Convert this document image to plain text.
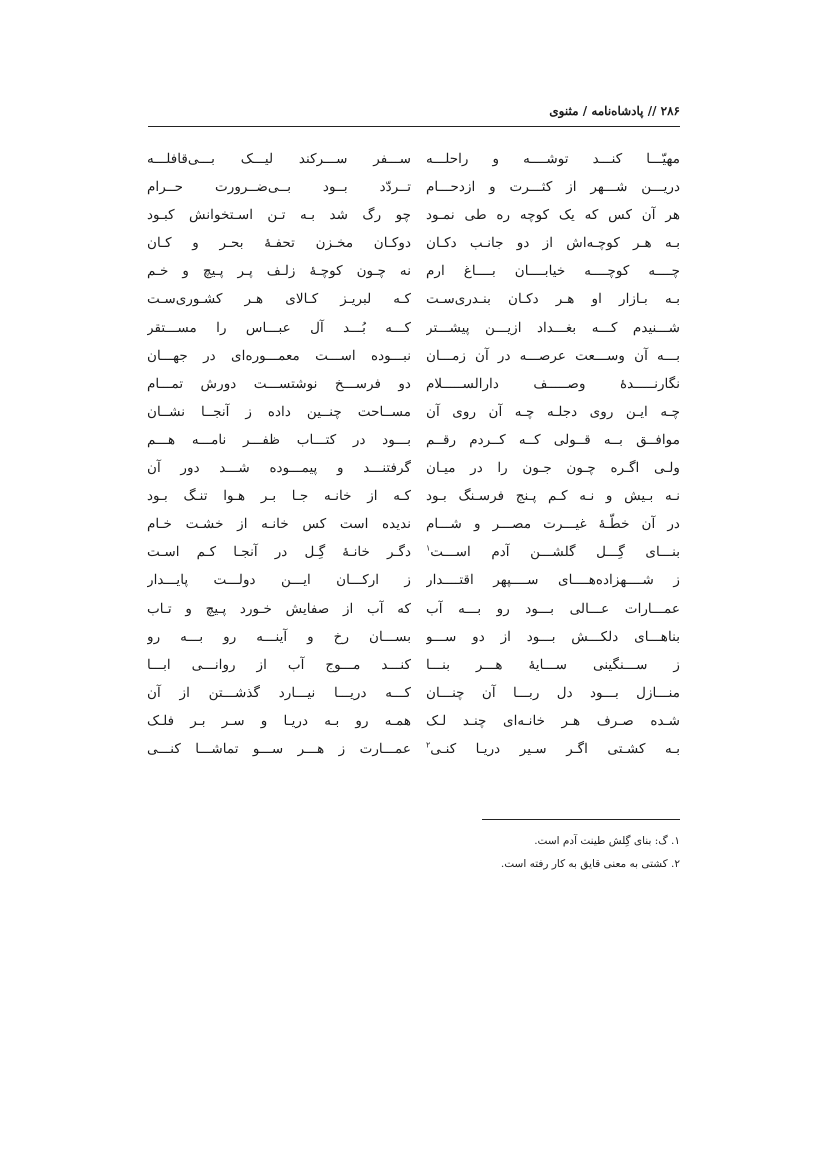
۲۸۶ // پادشاه‌نامه / مثنوی
مهیّـــا کنـــد توشــــه و راحلـــه
دریـــن شـــهر از کثـــرت و ازدحـــام
هر آن کس که یک کوچه ره طی نمـود
بـه هـر کوچـه‌اش از دو جانـب دکـان
چــــه کوچــــه خیابــــان بــــاغ ارم
بـه بـازار او هـر دکـان بنـدری‌سـت
شـــنیدم کـــه بغـــداد ازیـــن پیشـــتر
بـــه آن وســـعت عرصـــه در آن زمـــان
نگارنـــــدهٔ وصـــــف دارالســـــلام
چـه ایـن روی دجلـه چـه آن روی آن
موافــق بــه قــولی کــه کــردم رقــم
ولـی اگـره چـون جـون را در میـان
نـه بـیش و نـه کـم پـنج فرسـنگ بـود
در آن خطّـهٔ غیـــرت مصـــر و شـــام
بنـــای گِـــل گلشـــن آدم اســـت$^۱$
ز شــــهزاده‌هــــای ســــپهر اقتــــدار
عمـــارات عـــالی بـــود رو بـــه آب
بناهـــای دلکـــش بـــود از دو ســـو
ز ســـنگینی ســـایهٔ هـــر بنـــا
منـــازل بـــود دل ربـــا آن چنـــان
شـده صـرف هـر خانـه‌ای چنـد لـک
بـه کشـتی اگـر سـیر دریـا کنـی$^۲$
ســـفر ســـرکند لیـــک بـــی‌قافلـــه
تــردّد بــود بــی‌ضــرورت حــرام
چو رگ شد بـه تـن اسـتخوانش کبـود
دوکـان مخـزن تحفـهٔ بحـر و کـان
نه چـون کوچـهٔ زلـف پـر پـیچ و خـم
کـه لبریـز کـالای هـر کشـوری‌سـت
کـــه بُـــد آل عبـــاس را مســـتقر
نبـــوده اســـت معمـــوره‌ای در جهـــان
دو فرســـخ نوشتســـت دورش تمـــام
مســاحت چنــین داده ز آنجــا نشــان
بـــود در کتـــاب ظفـــر نامـــه هـــم
گرفتنـــد و پیمـــوده شـــد دور آن
کـه از خانـه جـا بـر هـوا تنـگ بـود
ندیده است کس خانـه از خشـت خـام
دگـر خانـهٔ گِـل در آنجـا کـم اسـت
ز ارکـــان ایـــن دولـــت پایـــدار
که آب از صفایش خـورد پـیچ و تـاب
بســـان رخ و آینـــه رو بـــه رو
کنـــد مـــوج آب از روانـــی ابـــا
کـــه دریـــا نیـــارد گذشـــتن از آن
همـه رو بـه دریـا و سـر بـر فلـک
عمـــارت ز هـــر ســـو تماشـــا کنـــی
۱. گ: بنای گِلش طینت آدم است.
۲. کشتی به معنی قایق به کار رفته است.
